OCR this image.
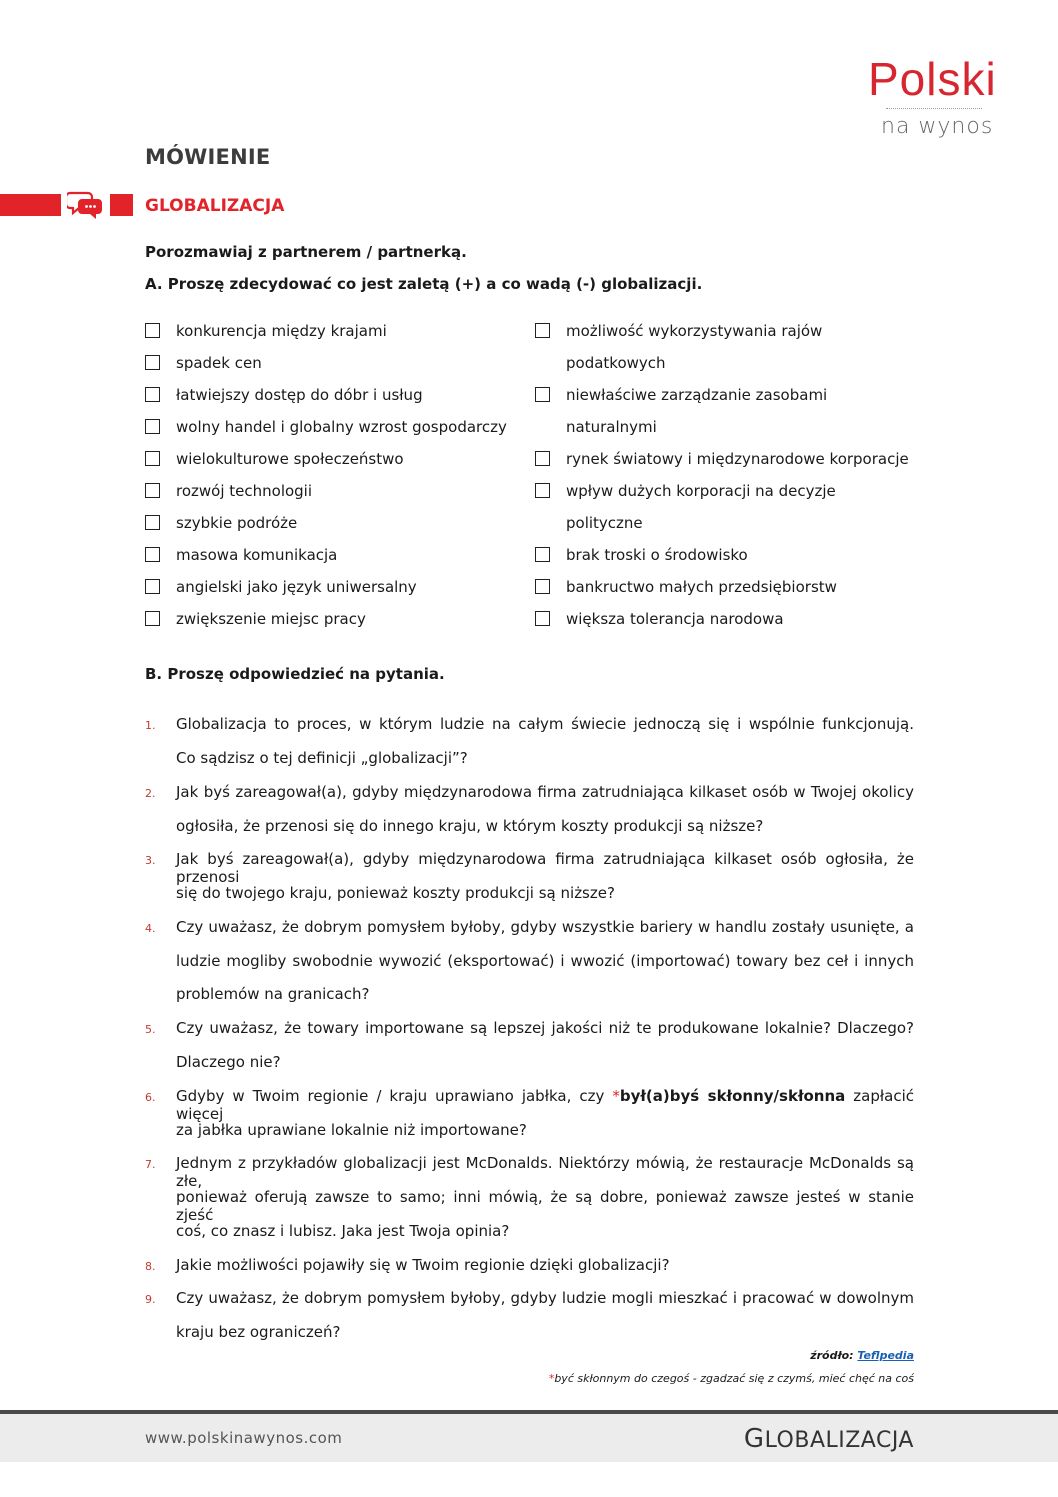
Polski
na wynos
MÓWIENIE
GLOBALIZACJA
Porozmawiaj z partnerem / partnerką.
A. Proszę zdecydować co jest zaletą (+) a co wadą (-) globalizacji.
konkurencja między krajami
spadek cen
łatwiejszy dostęp do dóbr i usług
wolny handel i globalny wzrost gospodarczy
wielokulturowe społeczeństwo
rozwój technologii
szybkie podróże
masowa komunikacja
angielski jako język uniwersalny
zwiększenie miejsc pracy
możliwość wykorzystywania rajów
podatkowych
niewłaściwe zarządzanie zasobami
naturalnymi
rynek światowy i międzynarodowe korporacje
wpływ dużych korporacji na decyzje
polityczne
brak troski o środowisko
bankructwo małych przedsiębiorstw
większa tolerancja narodowa
B. Proszę odpowiedzieć na pytania.
1. Globalizacja to proces, w którym ludzie na całym świecie jednoczą się i wspólnie funkcjonują.
Co sądzisz o tej definicji „globalizacji”?
2. Jak byś zareagował(a), gdyby międzynarodowa firma zatrudniająca kilkaset osób w Twojej okolicy
ogłosiła, że przenosi się do innego kraju, w którym koszty produkcji są niższe?
3. Jak byś zareagował(a), gdyby międzynarodowa firma zatrudniająca kilkaset osób ogłosiła, że przenosi
się do twojego kraju, ponieważ koszty produkcji są niższe?
4. Czy uważasz, że dobrym pomysłem byłoby, gdyby wszystkie bariery w handlu zostały usunięte, a
ludzie mogliby swobodnie wywozić (eksportować) i wwozić (importować) towary bez ceł i innych
problemów na granicach?
5. Czy uważasz, że towary importowane są lepszej jakości niż te produkowane lokalnie? Dlaczego?
Dlaczego nie?
6. Gdyby w Twoim regionie / kraju uprawiano jabłka, czy *był(a)byś skłonny/skłonna zapłacić więcej
za jabłka uprawiane lokalnie niż importowane?
7. Jednym z przykładów globalizacji jest McDonalds. Niektórzy mówią, że restauracje McDonalds są złe,
ponieważ oferują zawsze to samo; inni mówią, że są dobre, ponieważ zawsze jesteś w stanie zjeść
coś, co znasz i lubisz. Jaka jest Twoja opinia?
8. Jakie możliwości pojawiły się w Twoim regionie dzięki globalizacji?
9. Czy uważasz, że dobrym pomysłem byłoby, gdyby ludzie mogli mieszkać i pracować w dowolnym
kraju bez ograniczeń?
źródło: Teflpedia
*być skłonnym do czegoś - zgadzać się z czymś, mieć chęć na coś
www.polskinawynos.com	GLOBALIZACJA
